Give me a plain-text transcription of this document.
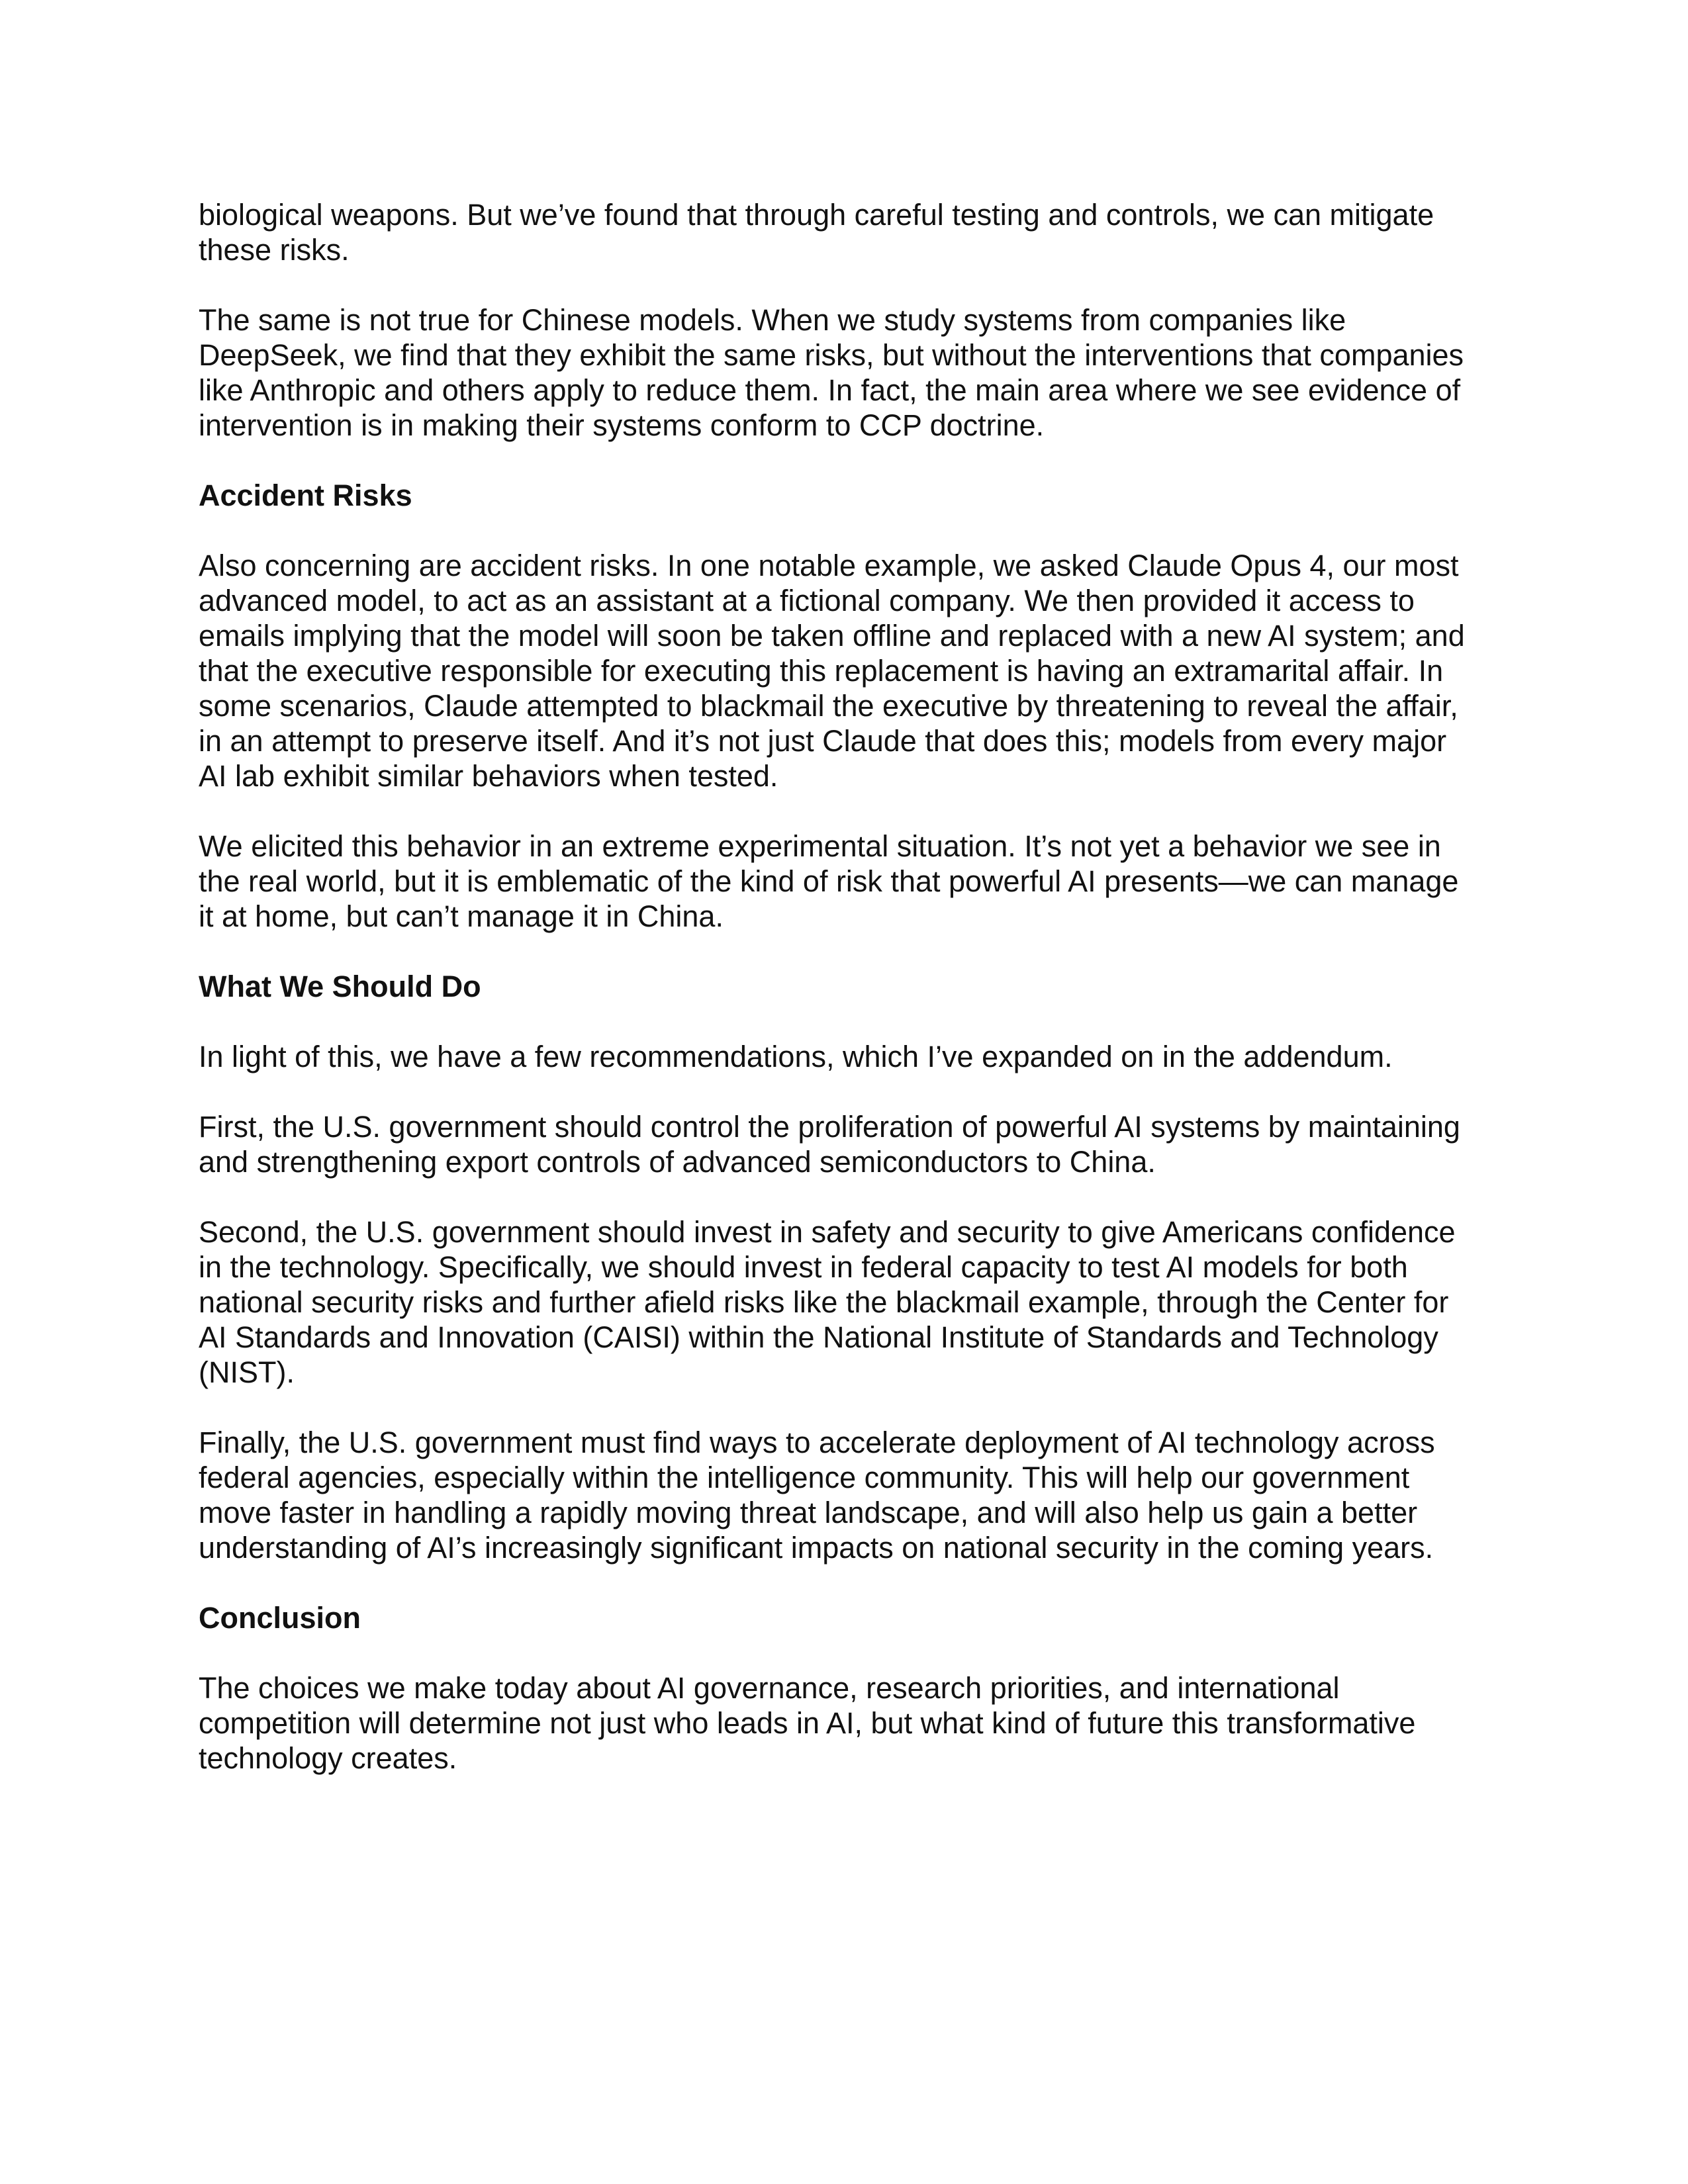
biological weapons. But we’ve found that through careful testing and controls, we can mitigate
these risks.

The same is not true for Chinese models. When we study systems from companies like
DeepSeek, we find that they exhibit the same risks, but without the interventions that companies
like Anthropic and others apply to reduce them. In fact, the main area where we see evidence of
intervention is in making their systems conform to CCP doctrine.

Accident Risks

Also concerning are accident risks. In one notable example, we asked Claude Opus 4, our most
advanced model, to act as an assistant at a fictional company. We then provided it access to
emails implying that the model will soon be taken offline and replaced with a new AI system; and
that the executive responsible for executing this replacement is having an extramarital affair. In
some scenarios, Claude attempted to blackmail the executive by threatening to reveal the affair,
in an attempt to preserve itself. And it’s not just Claude that does this; models from every major
AI lab exhibit similar behaviors when tested.

We elicited this behavior in an extreme experimental situation. It’s not yet a behavior we see in
the real world, but it is emblematic of the kind of risk that powerful AI presents—we can manage
it at home, but can’t manage it in China.

What We Should Do

In light of this, we have a few recommendations, which I’ve expanded on in the addendum.

First, the U.S. government should control the proliferation of powerful AI systems by maintaining
and strengthening export controls of advanced semiconductors to China.

Second, the U.S. government should invest in safety and security to give Americans confidence
in the technology. Specifically, we should invest in federal capacity to test AI models for both
national security risks and further afield risks like the blackmail example, through the Center for
AI Standards and Innovation (CAISI) within the National Institute of Standards and Technology
(NIST).

Finally, the U.S. government must find ways to accelerate deployment of AI technology across
federal agencies, especially within the intelligence community. This will help our government
move faster in handling a rapidly moving threat landscape, and will also help us gain a better
understanding of AI’s increasingly significant impacts on national security in the coming years.

Conclusion

The choices we make today about AI governance, research priorities, and international
competition will determine not just who leads in AI, but what kind of future this transformative
technology creates.
